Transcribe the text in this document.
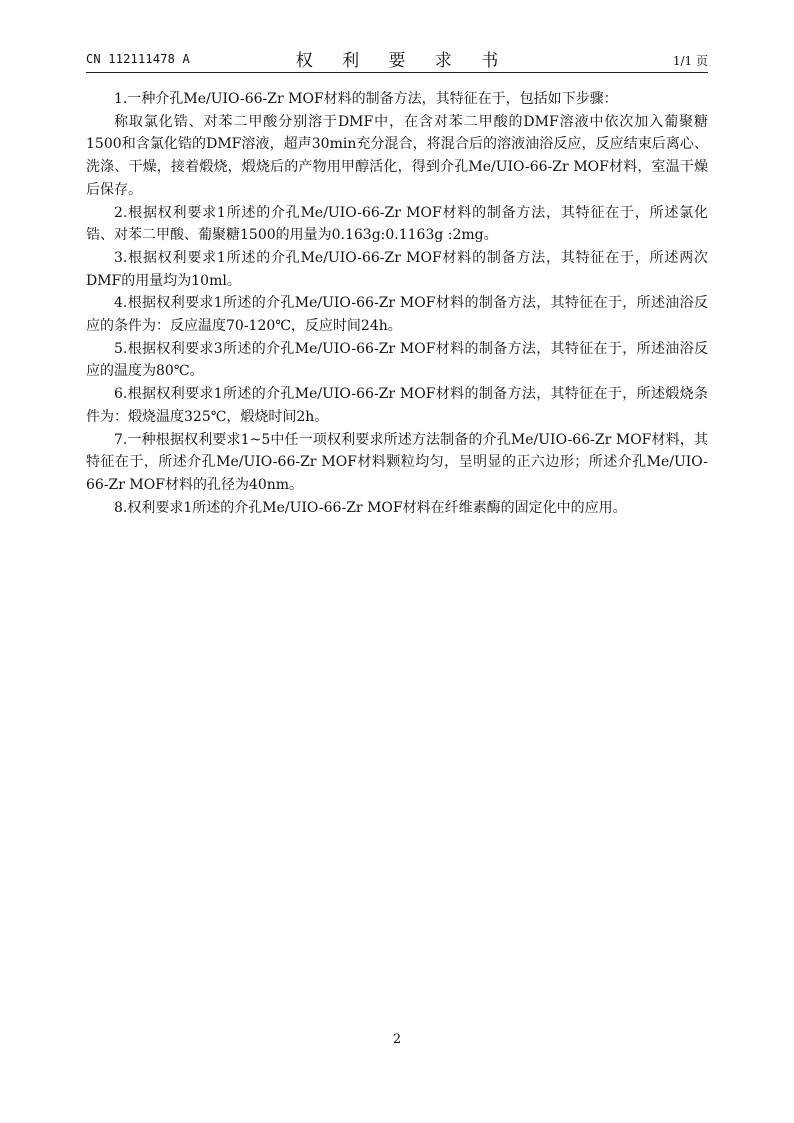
CN 112111478 A	权 利 要 求 书	1/1 页

1.一种介孔Me/UIO-66-Zr MOF材料的制备方法，其特征在于，包括如下步骤：

称取氯化锆、对苯二甲酸分别溶于DMF中，在含对苯二甲酸的DMF溶液中依次加入葡聚糖1500和含氯化锆的DMF溶液，超声30min充分混合，将混合后的溶液油浴反应，反应结束后离心、洗涤、干燥，接着煅烧，煅烧后的产物用甲醇活化，得到介孔Me/UIO-66-Zr MOF材料，室温干燥后保存。

2.根据权利要求1所述的介孔Me/UIO-66-Zr MOF材料的制备方法，其特征在于，所述氯化锆、对苯二甲酸、葡聚糖1500的用量为0.163g:0.1163g :2mg。

3.根据权利要求1所述的介孔Me/UIO-66-Zr MOF材料的制备方法，其特征在于，所述两次DMF的用量均为10ml。

4.根据权利要求1所述的介孔Me/UIO-66-Zr MOF材料的制备方法，其特征在于，所述油浴反应的条件为：反应温度70-120℃，反应时间24h。

5.根据权利要求3所述的介孔Me/UIO-66-Zr MOF材料的制备方法，其特征在于，所述油浴反应的温度为80℃。

6.根据权利要求1所述的介孔Me/UIO-66-Zr MOF材料的制备方法，其特征在于，所述煅烧条件为：煅烧温度325℃，煅烧时间2h。

7.一种根据权利要求1~5中任一项权利要求所述方法制备的介孔Me/UIO-66-Zr MOF材料，其特征在于，所述介孔Me/UIO-66-Zr MOF材料颗粒均匀，呈明显的正六边形；所述介孔Me/UIO-66-Zr MOF材料的孔径为40nm。

8.权利要求1所述的介孔Me/UIO-66-Zr MOF材料在纤维素酶的固定化中的应用。

2
